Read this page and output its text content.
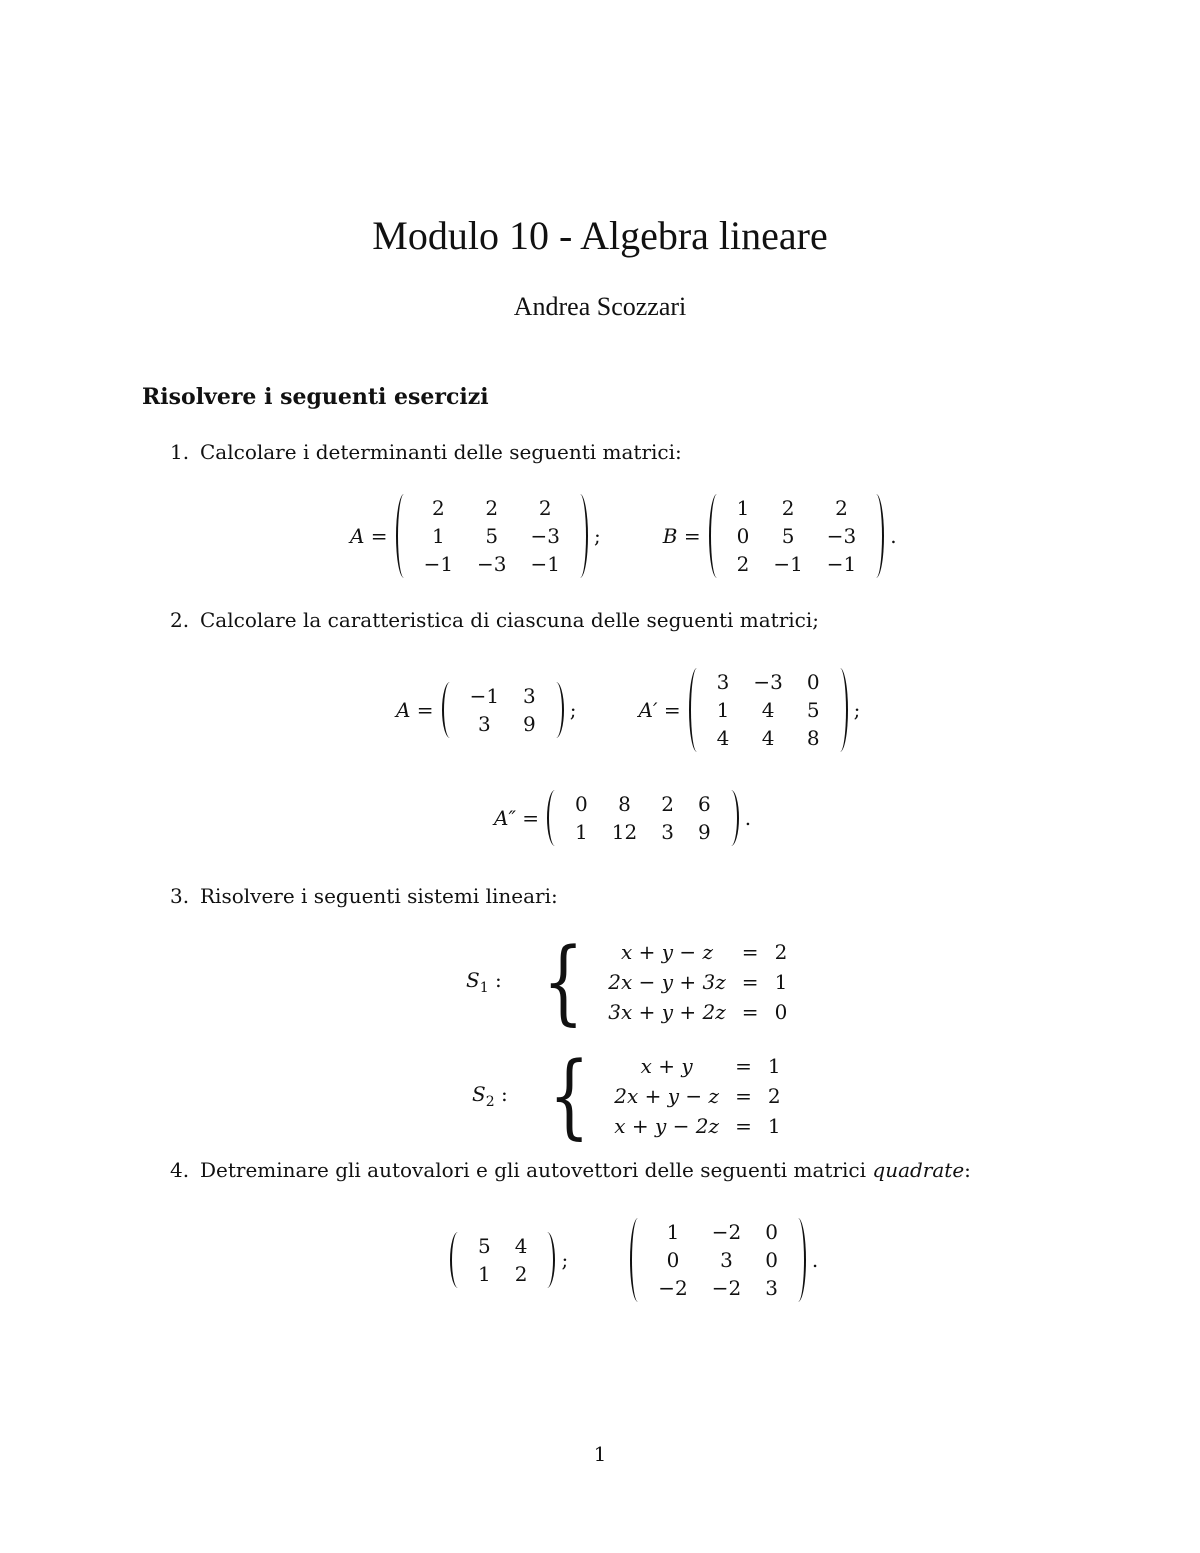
Modulo 10 - Algebra lineare
Andrea Scozzari
Risolvere i seguenti esercizi
1. Calcolare i determinanti delle seguenti matrici:
A =
2	2	2
1	5	−3
−1	−3	−1
;	B =
1	2	2
0	5	−3
2	−1	−1
.
2. Calcolare la caratteristica di ciascuna delle seguenti matrici;
A =
−1	3
3	9
;	A′ =
3	−3	0
1	4	5
4	4	8
;
A″ =
0	8	2	6
1	12	3	9
.
3. Risolvere i seguenti sistemi lineari:
$S_1$ : { x + y − z	=	2
2x − y + 3z	=	1
3x + y + 2z	=	0
$S_2$ : {	x + y	=	1
2x + y − z	=	2
x + y − 2z	=	1
4. Detreminare gli autovalori e gli autovettori delle seguenti matrici quadrate:
5	4
1	2
;
1	−2	0
0	3	0
−2	−2	3
.
1
